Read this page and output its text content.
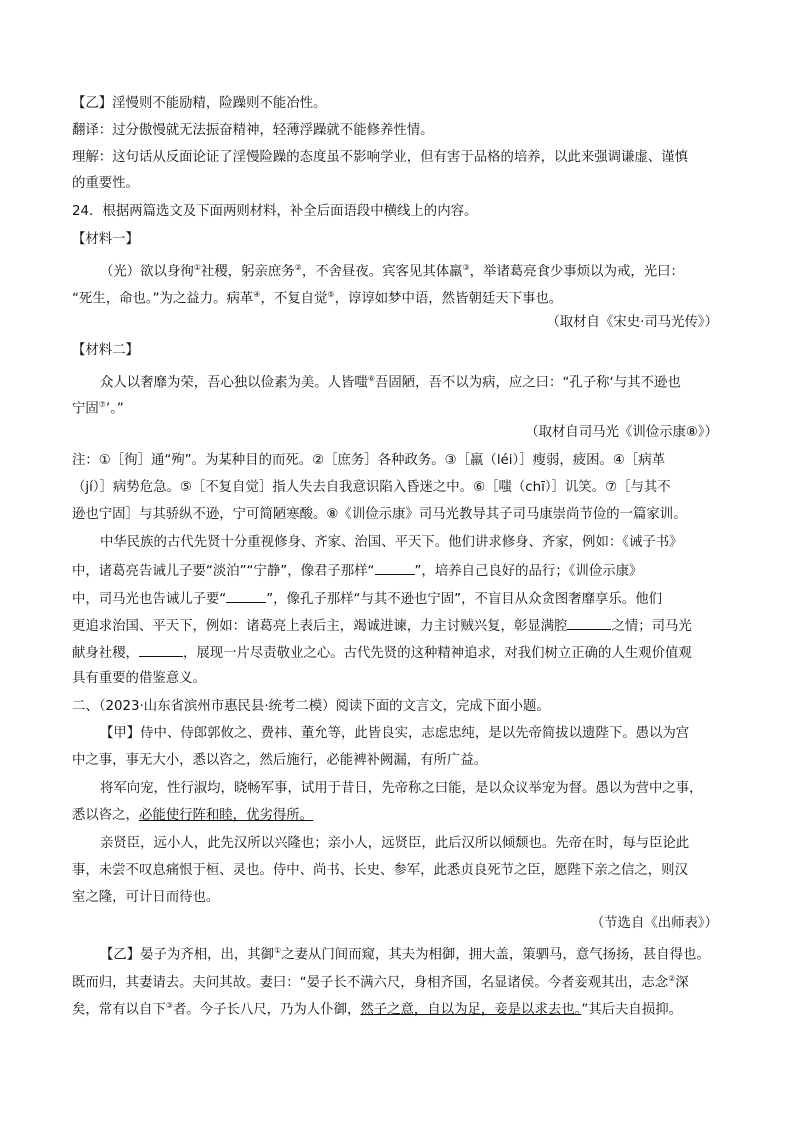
【乙】淫慢则不能励精，险躁则不能冶性。
翻译：过分傲慢就无法振奋精神，轻薄浮躁就不能修养性情。
理解：这句话从反面论证了淫慢险躁的态度虽不影响学业，但有害于品格的培养，以此来强调谦虚、谨慎
的重要性。
24．根据两篇选文及下面两则材料，补全后面语段中横线上的内容。
【材料一】
（光）欲以身徇①社稷，躬亲庶务②，不舍昼夜。宾客见其体羸③，举诸葛亮食少事烦以为戒，光曰：
“死生，命也。”为之益力。病革④，不复自觉⑤，谆谆如梦中语，然皆朝廷天下事也。
（取材自《宋史·司马光传》）
【材料二】
众人以奢靡为荣，吾心独以俭素为美。人皆嗤⑥吾固陋，吾不以为病，应之曰：“孔子称‘与其不逊也
宁固⑦’。”
（取材自司马光《训俭示康⑧》）
注：①［徇］通“殉”。为某种目的而死。②［庶务］各种政务。③［羸（léi）］瘦弱，疲困。④［病革
（jí）］病势危急。⑤［不复自觉］指人失去自我意识陷入昏迷之中。⑥［嗤（chī）］讥笑。⑦［与其不
逊也宁固］与其骄纵不逊，宁可简陋寒酸。⑧《训俭示康》司马光教导其子司马康崇尚节俭的一篇家训。
中华民族的古代先贤十分重视修身、齐家、治国、平天下。他们讲求修身、齐家，例如：《诫子书》
中，诸葛亮告诫儿子要“淡泊”“宁静”，像君子那样“	”，培养自己良好的品行；《训俭示康》
中，司马光也告诫儿子要“	”，像孔子那样“与其不逊也宁固”，不盲目从众贪图奢靡享乐。他们
更追求治国、平天下，例如：诸葛亮上表后主，竭诚进谏，力主讨贼兴复，彰显满腔	之情；司马光
献身社稷，	，展现一片尽责敬业之心。古代先贤的这种精神追求，对我们树立正确的人生观价值观
具有重要的借鉴意义。
二、（2023·山东省滨州市惠民县·统考二模）阅读下面的文言文，完成下面小题。
【甲】侍中、侍郎郭攸之、费祎、董允等，此皆良实，志虑忠纯，是以先帝简拔以遗陛下。愚以为宫
中之事，事无大小，悉以咨之，然后施行，必能裨补阙漏，有所广益。
将军向宠，性行淑均，晓畅军事，试用于昔日，先帝称之曰能，是以众议举宠为督。愚以为营中之事，
悉以咨之，必能使行阵和睦，优劣得所。
亲贤臣，远小人，此先汉所以兴隆也；亲小人，远贤臣，此后汉所以倾颓也。先帝在时，每与臣论此
事，未尝不叹息痛恨于桓、灵也。侍中、尚书、长史、参军，此悉贞良死节之臣，愿陛下亲之信之，则汉
室之隆，可计日而待也。
（节选自《出师表》）
【乙】晏子为齐相，出，其御①之妻从门间而窥，其夫为相御，拥大盖，策驷马，意气扬扬，甚自得也。
既而归，其妻请去。夫问其故。妻曰：“晏子长不满六尺，身相齐国，名显诸侯。今者妾观其出，志念②深
矣，常有以自下③者。今子长八尺，乃为人仆御，然子之意，自以为足，妾是以求去也。”其后夫自损抑。
